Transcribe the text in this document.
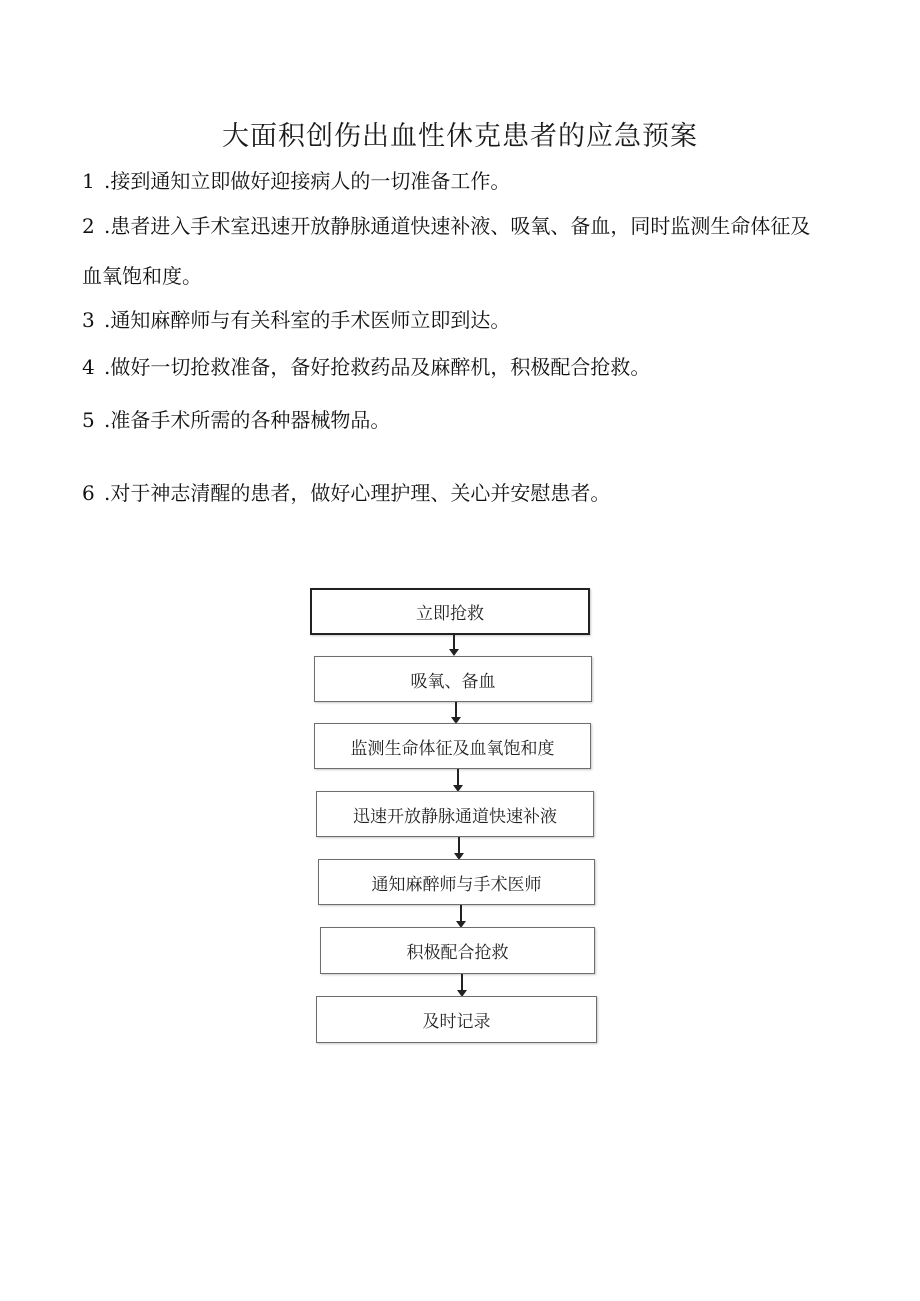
大面积创伤出血性休克患者的应急预案
1 .接到通知立即做好迎接病人的一切准备工作。
2 .患者进入手术室迅速开放静脉通道快速补液、吸氧、备血，同时监测生命体征及血氧饱和度。
3 .通知麻醉师与有关科室的手术医师立即到达。
4 .做好一切抢救准备，备好抢救药品及麻醉机，积极配合抢救。
5 .准备手术所需的各种器械物品。
6 .对于神志清醒的患者，做好心理护理、关心并安慰患者。
立即抢救
吸氧、备血
监测生命体征及血氧饱和度
迅速开放静脉通道快速补液
通知麻醉师与手术医师
积极配合抢救
及时记录
